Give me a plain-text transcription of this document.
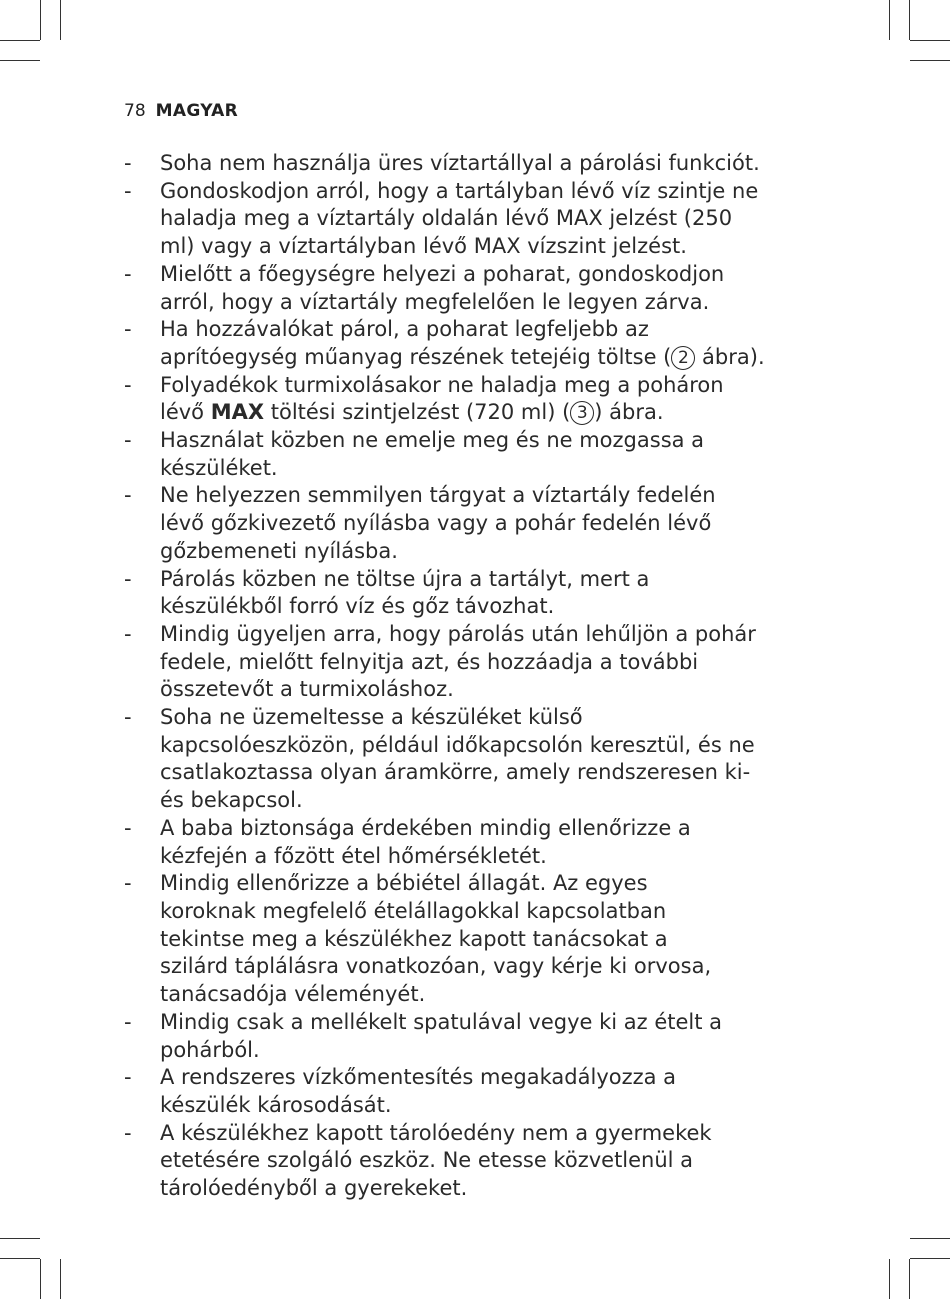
78 MAGYAR
- Soha nem használja üres víztartállyal a párolási funkciót.
- Gondoskodjon arról, hogy a tartályban lévő víz szintje ne
haladja meg a víztartály oldalán lévő MAX jelzést (250
ml) vagy a víztartályban lévő MAX vízszint jelzést.
- Mielőtt a főegységre helyezi a poharat, gondoskodjon
arról, hogy a víztartály megfelelően le legyen zárva.
- Ha hozzávalókat párol, a poharat legfeljebb az
aprítóegység műanyag részének tetejéig töltse ( 2 ábra).
- Folyadékok turmixolásakor ne haladja meg a poháron
lévő MAX töltési szintjelzést (720 ml) ( 3 ) ábra.
- Használat közben ne emelje meg és ne mozgassa a
készüléket.
- Ne helyezzen semmilyen tárgyat a víztartály fedelén
lévő gőzkivezető nyílásba vagy a pohár fedelén lévő
gőzbemeneti nyílásba.
- Párolás közben ne töltse újra a tartályt, mert a
készülékből forró víz és gőz távozhat.
- Mindig ügyeljen arra, hogy párolás után lehűljön a pohár
fedele, mielőtt felnyitja azt, és hozzáadja a további
összetevőt a turmixoláshoz.
- Soha ne üzemeltesse a készüléket külső
kapcsolóeszközön, például időkapcsolón keresztül, és ne
csatlakoztassa olyan áramkörre, amely rendszeresen ki-
és bekapcsol.
- A baba biztonsága érdekében mindig ellenőrizze a
kézfején a főzött étel hőmérsékletét.
- Mindig ellenőrizze a bébiétel állagát. Az egyes
koroknak megfelelő ételállagokkal kapcsolatban
tekintse meg a készülékhez kapott tanácsokat a
szilárd táplálásra vonatkozóan, vagy kérje ki orvosa,
tanácsadója véleményét.
- Mindig csak a mellékelt spatulával vegye ki az ételt a
pohárból.
- A rendszeres vízkőmentesítés megakadályozza a
készülék károsodását.
- A készülékhez kapott tárolóedény nem a gyermekek
etetésére szolgáló eszköz. Ne etesse közvetlenül a
tárolóedényből a gyerekeket.
